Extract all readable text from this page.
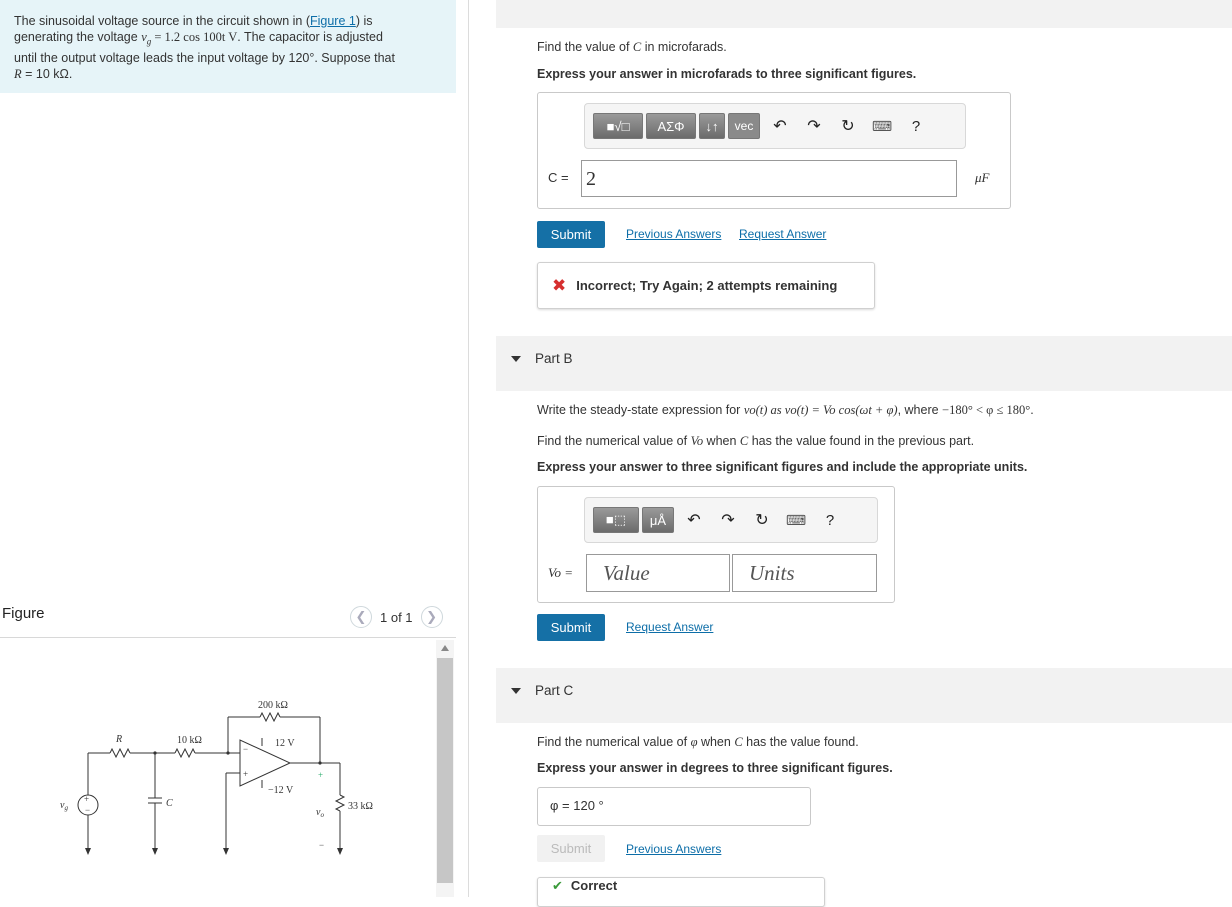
The sinusoidal voltage source in the circuit shown in (Figure 1) is
generating the voltage $v_g = 1.2$ cos 100t V. The capacitor is adjusted
until the output voltage leads the input voltage by 120°. Suppose that
R = 10 kΩ.
Figure	❮	1 of 1	❯
R	10 kΩ
200 kΩ
12 V
−12 V
C
$v_g$
+
−
−
+	+
$v_o$
−
33 kΩ
Find the value of C in microfarads.
Express your answer in microfarads to three significant figures.
■√□	ΑΣΦ	↓↑	vec	↶	↷	↻	⌨	?
C = 2	μF
Submit	Previous Answers Request Answer
✖ Incorrect; Try Again; 2 attempts remaining
Part B
Write the steady-state expression for vo(t) as vo(t) = Vo cos(ωt + φ), where −180° < φ ≤ 180°.
Find the numerical value of Vo when C has the value found in the previous part.
Express your answer to three significant figures and include the appropriate units.
■⬚	μÅ	↶	↷	↻	⌨	?
Vo =	Value	Units
Submit	Request Answer
Part C
Find the numerical value of φ when C has the value found.
Express your answer in degrees to three significant figures.
φ = 120 °
Submit	Previous Answers
✔ Correct
